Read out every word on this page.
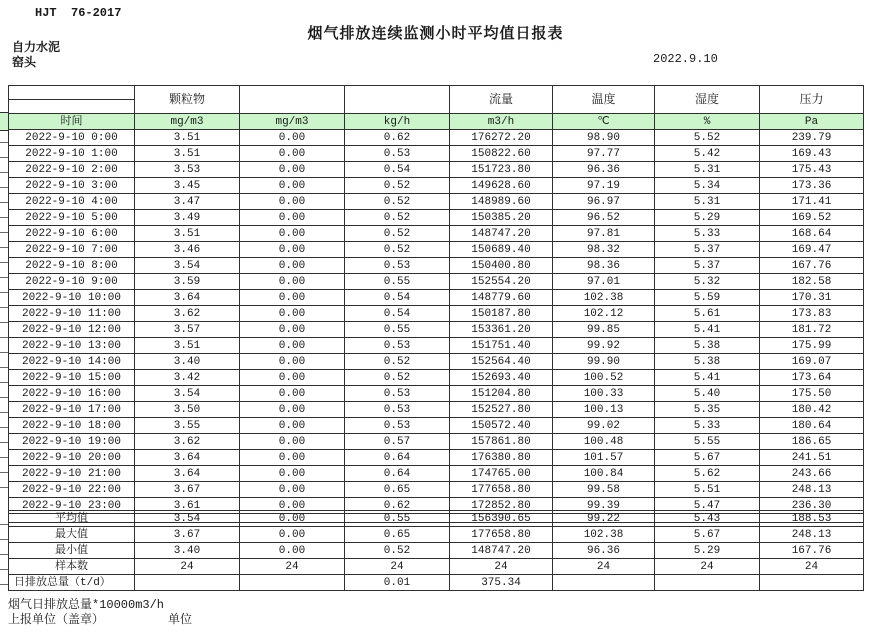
HJT  76-2017
烟气排放连续监测小时平均值日报表
自力水泥
窑头	2022.9.10
	颗粒物			流量	温度	湿度	压力

时间	mg/m3	mg/m3	kg/h	m3/h	℃	%	Pa
2022-9-10 0:00	3.51	0.00	0.62	176272.20	98.90	5.52	239.79
2022-9-10 1:00	3.51	0.00	0.53	150822.60	97.77	5.42	169.43
2022-9-10 2:00	3.53	0.00	0.54	151723.80	96.36	5.31	175.43
2022-9-10 3:00	3.45	0.00	0.52	149628.60	97.19	5.34	173.36
2022-9-10 4:00	3.47	0.00	0.52	148989.60	96.97	5.31	171.41
2022-9-10 5:00	3.49	0.00	0.52	150385.20	96.52	5.29	169.52
2022-9-10 6:00	3.51	0.00	0.52	148747.20	97.81	5.33	168.64
2022-9-10 7:00	3.46	0.00	0.52	150689.40	98.32	5.37	169.47
2022-9-10 8:00	3.54	0.00	0.53	150400.80	98.36	5.37	167.76
2022-9-10 9:00	3.59	0.00	0.55	152554.20	97.01	5.32	182.58
2022-9-10 10:00	3.64	0.00	0.54	148779.60	102.38	5.59	170.31
2022-9-10 11:00	3.62	0.00	0.54	150187.80	102.12	5.61	173.83
2022-9-10 12:00	3.57	0.00	0.55	153361.20	99.85	5.41	181.72
2022-9-10 13:00	3.51	0.00	0.53	151751.40	99.92	5.38	175.99
2022-9-10 14:00	3.40	0.00	0.52	152564.40	99.90	5.38	169.07
2022-9-10 15:00	3.42	0.00	0.52	152693.40	100.52	5.41	173.64
2022-9-10 16:00	3.54	0.00	0.53	151204.80	100.33	5.40	175.50
2022-9-10 17:00	3.50	0.00	0.53	152527.80	100.13	5.35	180.42
2022-9-10 18:00	3.55	0.00	0.53	150572.40	99.02	5.33	180.64
2022-9-10 19:00	3.62	0.00	0.57	157861.80	100.48	5.55	186.65
2022-9-10 20:00	3.64	0.00	0.64	176380.80	101.57	5.67	241.51
2022-9-10 21:00	3.64	0.00	0.64	174765.00	100.84	5.62	243.66
2022-9-10 22:00	3.67	0.00	0.65	177658.80	99.58	5.51	248.13
2022-9-10 23:00	3.61	0.00	0.62	172852.80	99.39	5.47	236.30

平均值	3.54	0.00	0.55	156390.65	99.22	5.43	188.53
最大值	3.67	0.00	0.65	177658.80	102.38	5.67	248.13
最小值	3.40	0.00	0.52	148747.20	96.36	5.29	167.76
样本数	24	24	24	24	24	24	24
日排放总量（t/d）			0.01	375.34			
烟气日排放总量*10000m3/h
上报单位（盖章）	单位
